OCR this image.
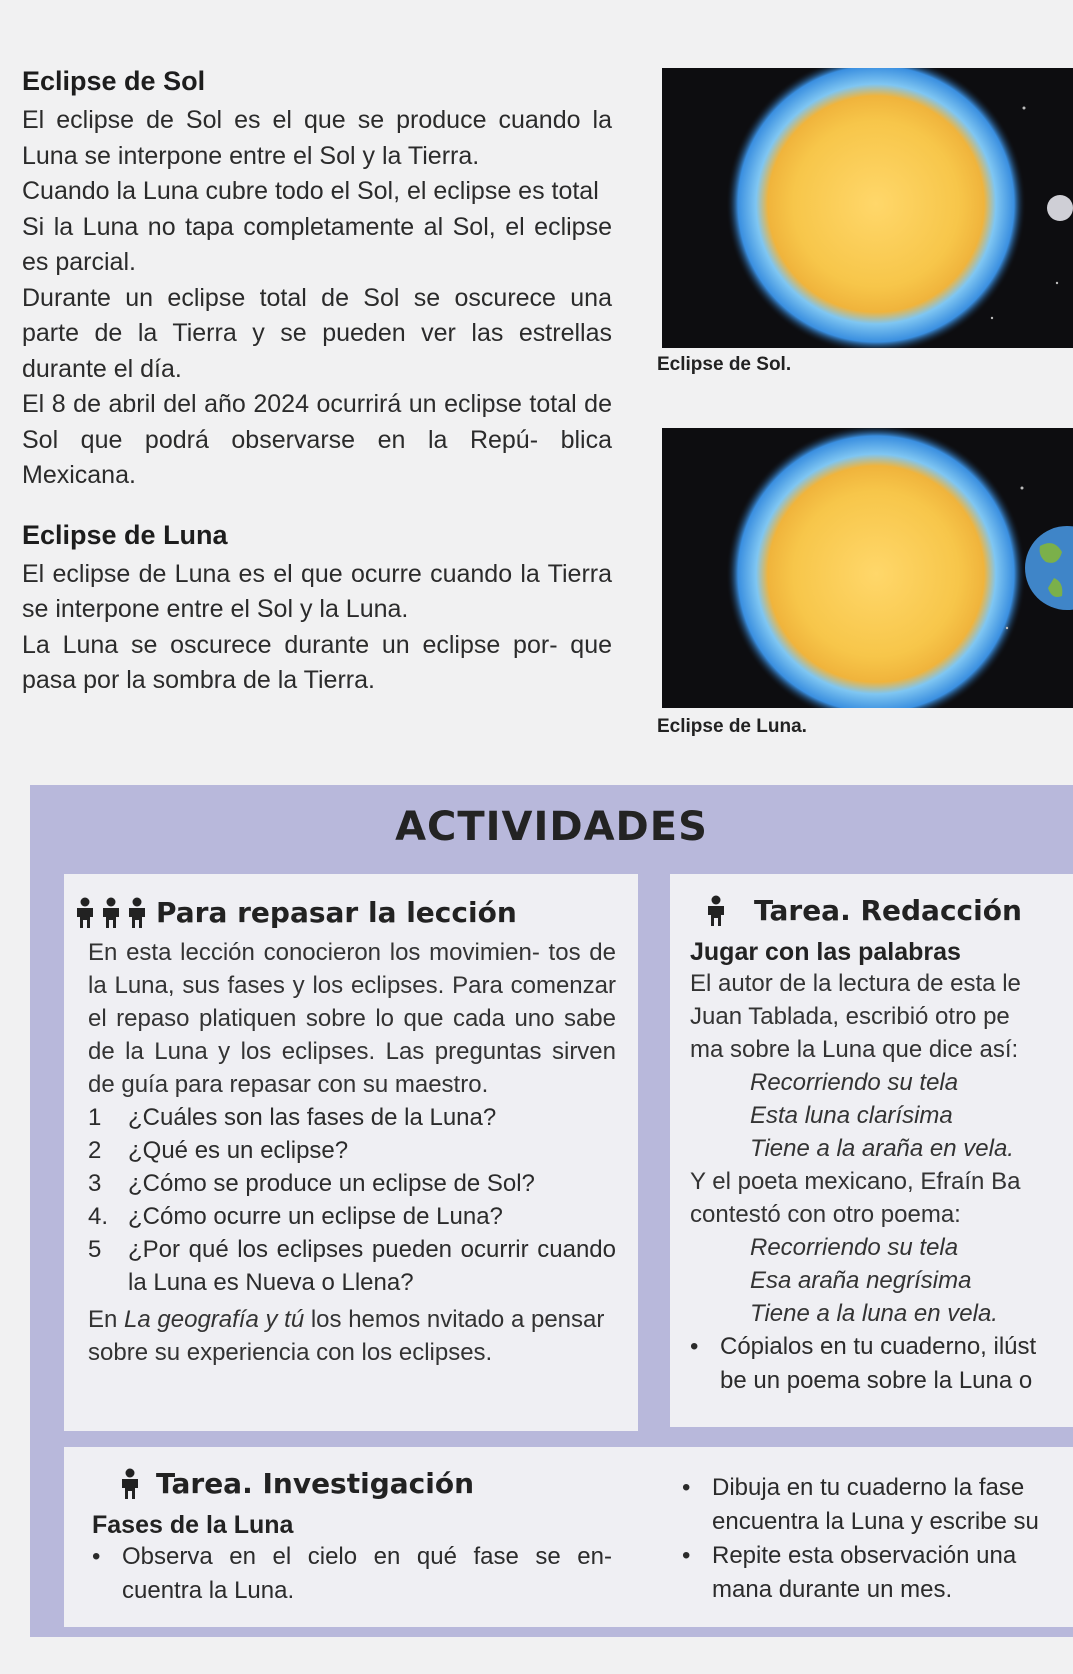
Eclipse de Sol

El eclipse de Sol es el que se produce cuando la Luna se interpone entre el Sol y la Tierra.

Cuando la Luna cubre todo el Sol, el eclipse es total

Si la Luna no tapa completamente al Sol, el eclipse es parcial.

Durante un eclipse total de Sol se oscurece una parte de la Tierra y se pueden ver las estrellas durante el día.

El 8 de abril del año 2024 ocurrirá un eclipse total de Sol que podrá observarse en la Repú- blica Mexicana.

Eclipse de Luna

El eclipse de Luna es el que ocurre cuando la Tierra se interpone entre el Sol y la Luna.

La Luna se oscurece durante un eclipse por- que pasa por la sombra de la Tierra.

Eclipse de Sol.
Eclipse de Luna.
ACTIVIDADES
Para repasar la lección
En esta lección conocieron los movimien- tos de la Luna, sus fases y los eclipses. Para comenzar el repaso platiquen sobre lo que cada uno sabe de la Luna y los eclipses. Las preguntas sirven de guía para repasar con su maestro.
1	¿Cuáles son las fases de la Luna?
2	¿Qué es un eclipse?
3	¿Cómo se produce un eclipse de Sol?
4. ¿Cómo ocurre un eclipse de Luna?
5	¿Por qué los eclipses pueden ocurrir cuando la Luna es Nueva o Llena?
En La geografía y tú los hemos nvitado a pensar sobre su experiencia con los eclipses.
Tarea. Redacción
Jugar con las palabras
El autor de la lectura de esta le
Juan Tablada, escribió otro pe
ma sobre la Luna que dice así:
Recorriendo su tela
Esta luna clarísima
Tiene a la araña en vela.
Y el poeta mexicano, Efraín Ba
contestó con otro poema:
Recorriendo su tela
Esa araña negrísima
Tiene a la luna en vela.
• Cópialos en tu cuaderno, ilúst
be un poema sobre la Luna o
Tarea. Investigación
Fases de la Luna
• Observa en el cielo en qué fase se en- cuentra la Luna.
• Dibuja en tu cuaderno la fase
encuentra la Luna y escribe su
• Repite esta observación una
mana durante un mes.
